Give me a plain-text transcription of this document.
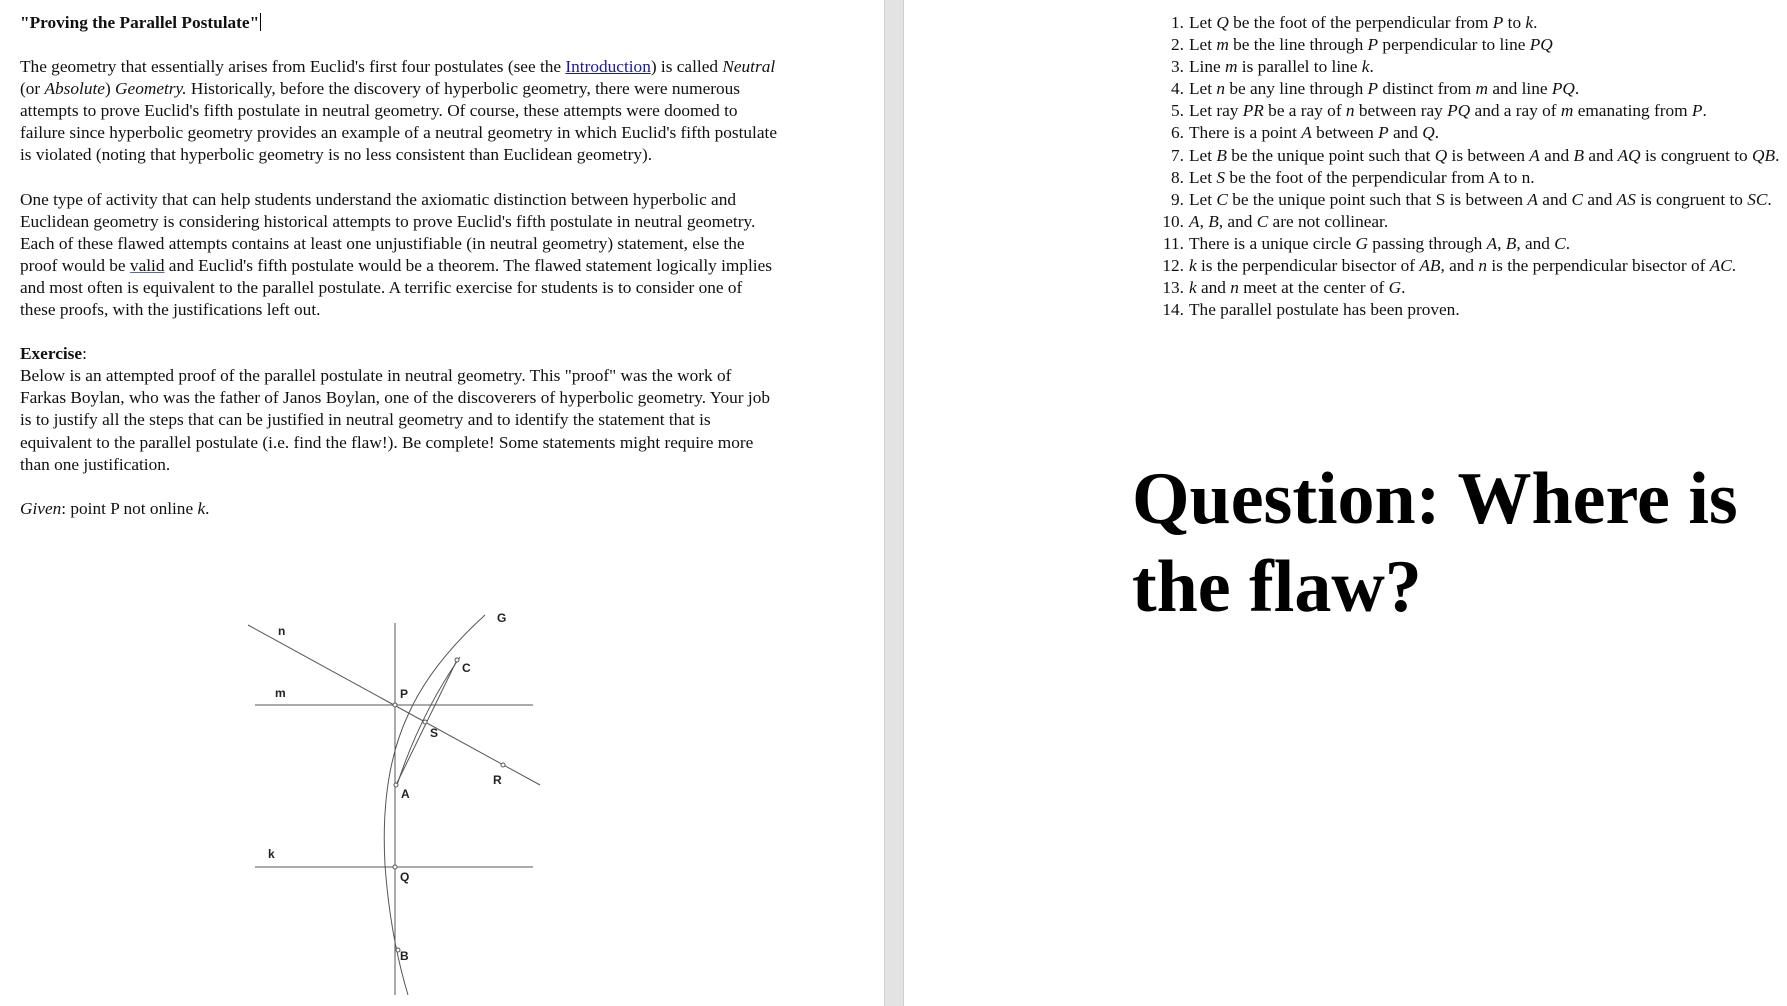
"Proving the Parallel Postulate"

The geometry that essentially arises from Euclid's first four postulates (see the Introduction) is called Neutral (or Absolute) Geometry. Historically, before the discovery of hyperbolic geometry, there were numerous attempts to prove Euclid's fifth postulate in neutral geometry. Of course, these attempts were doomed to failure since hyperbolic geometry provides an example of a neutral geometry in which Euclid's fifth postulate is violated (noting that hyperbolic geometry is no less consistent than Euclidean geometry).

One type of activity that can help students understand the axiomatic distinction between hyperbolic and Euclidean geometry is considering historical attempts to prove Euclid's fifth postulate in neutral geometry. Each of these flawed attempts contains at least one unjustifiable (in neutral geometry) statement, else the proof would be valid and Euclid's fifth postulate would be a theorem. The flawed statement logically implies and most often is equivalent to the parallel postulate. A terrific exercise for students is to consider one of these proofs, with the justifications left out.

Exercise:

Below is an attempted proof of the parallel postulate in neutral geometry. This "proof" was the work of Farkas Boylan, who was the father of Janos Boylan, one of the discoverers of hyperbolic geometry. Your job is to justify all the steps that can be justified in neutral geometry and to identify the statement that is equivalent to the parallel postulate (i.e. find the flaw!). Be complete! Some statements might require more than one justification.

Given: point P not online k.

n
m
k
P
S
R
A
Q
B
C
G
1. Let Q be the foot of the perpendicular from P to k.
2. Let m be the line through P perpendicular to line PQ
3. Line m is parallel to line k.
4. Let n be any line through P distinct from m and line PQ.
5. Let ray PR be a ray of n between ray PQ and a ray of m emanating from P.
6. There is a point A between P and Q.
7. Let B be the unique point such that Q is between A and B and AQ is congruent to QB.
8. Let S be the foot of the perpendicular from A to n.
9. Let C be the unique point such that S is between A and C and AS is congruent to SC.
10. A, B, and C are not collinear.
11. There is a unique circle G passing through A, B, and C.
12. k is the perpendicular bisector of AB, and n is the perpendicular bisector of AC.
13. k and n meet at the center of G.
14. The parallel postulate has been proven.
Question: Where is the flaw?
